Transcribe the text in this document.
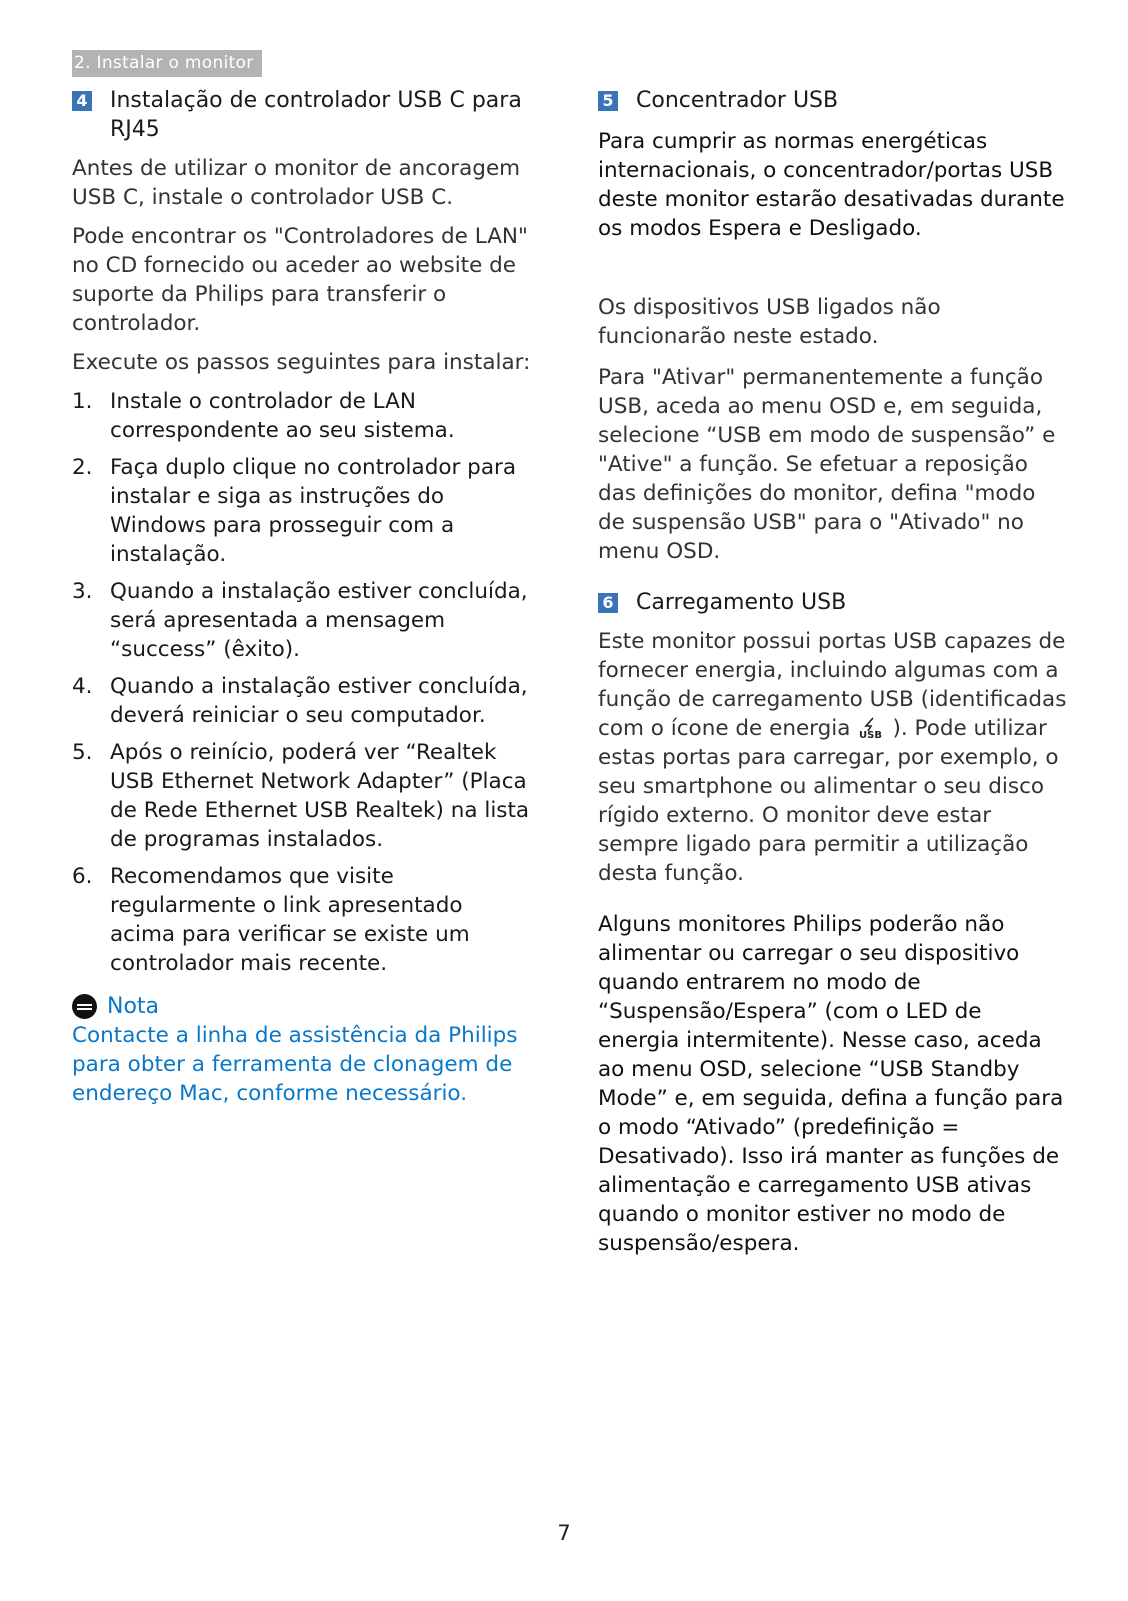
2. Instalar o monitor
4 Instalação de controlador USB C para RJ45

Antes de utilizar o monitor de ancoragem USB C, instale o controlador USB C.

Pode encontrar os "Controladores de LAN" no CD fornecido ou aceder ao website de suporte da Philips para transferir o controlador.

Execute os passos seguintes para instalar:

1. Instale o controlador de LAN correspondente ao seu sistema.
2. Faça duplo clique no controlador para instalar e siga as instruções do Windows para prosseguir com a instalação.
3. Quando a instalação estiver concluída, será apresentada a mensagem “success” (êxito).
4. Quando a instalação estiver concluída, deverá reiniciar o seu computador.
5. Após o reinício, poderá ver “Realtek USB Ethernet Network Adapter” (Placa de Rede Ethernet USB Realtek) na lista de programas instalados.
6. Recomendamos que visite regularmente o link apresentado acima para verificar se existe um controlador mais recente.
Nota
Contacte a linha de assistência da Philips para obter a ferramenta de clonagem de endereço Mac, conforme necessário.
5 Concentrador USB

Para cumprir as normas energéticas internacionais, o concentrador/portas USB deste monitor estarão desativadas durante os modos Espera e Desligado.

Os dispositivos USB ligados não funcionarão neste estado.

Para "Ativar" permanentemente a função USB, aceda ao menu OSD e, em seguida, selecione “USB em modo de suspensão” e "Ative" a função. Se efetuar a reposição das definições do monitor, defina "modo de suspensão USB" para o "Ativado" no menu OSD.

6 Carregamento USB

Este monitor possui portas USB capazes de fornecer energia, incluindo algumas com a função de carregamento USB (identificadas com o ícone de energia USB ). Pode utilizar estas portas para carregar, por exemplo, o seu smartphone ou alimentar o seu disco rígido externo. O monitor deve estar sempre ligado para permitir a utilização desta função.

Alguns monitores Philips poderão não alimentar ou carregar o seu dispositivo quando entrarem no modo de “Suspensão/Espera” (com o LED de energia intermitente). Nesse caso, aceda ao menu OSD, selecione “USB Standby Mode” e, em seguida, defina a função para o modo “Ativado” (predefinição = Desativado). Isso irá manter as funções de alimentação e carregamento USB ativas quando o monitor estiver no modo de suspensão/espera.

7
